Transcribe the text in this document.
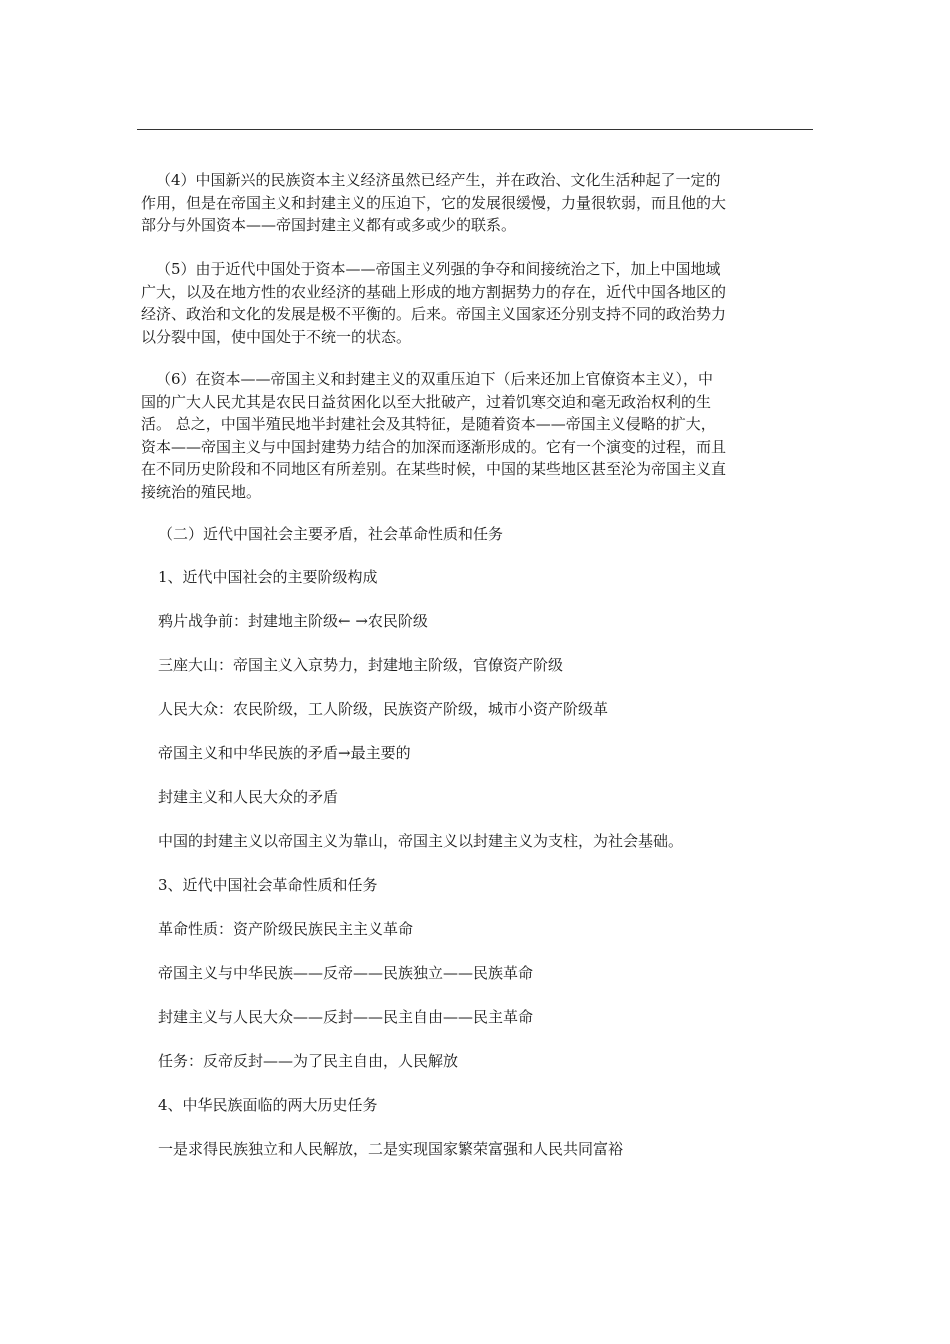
（4）中国新兴的民族资本主义经济虽然已经产生，并在政治、文化生活种起了一定的
作用，但是在帝国主义和封建主义的压迫下，它的发展很缓慢，力量很软弱，而且他的大
部分与外国资本——帝国封建主义都有或多或少的联系。
（5）由于近代中国处于资本——帝国主义列强的争夺和间接统治之下，加上中国地域
广大，以及在地方性的农业经济的基础上形成的地方割据势力的存在，近代中国各地区的
经济、政治和文化的发展是极不平衡的。后来。帝国主义国家还分别支持不同的政治势力
以分裂中国，使中国处于不统一的状态。
（6）在资本——帝国主义和封建主义的双重压迫下（后来还加上官僚资本主义），中
国的广大人民尤其是农民日益贫困化以至大批破产，过着饥寒交迫和毫无政治权利的生
活。 总之，中国半殖民地半封建社会及其特征，是随着资本——帝国主义侵略的扩大，
资本——帝国主义与中国封建势力结合的加深而逐渐形成的。它有一个演变的过程，而且
在不同历史阶段和不同地区有所差别。在某些时候，中国的某些地区甚至沦为帝国主义直
接统治的殖民地。

（二）近代中国社会主要矛盾，社会革命性质和任务

1、近代中国社会的主要阶级构成

鸦片战争前：封建地主阶级← →农民阶级

三座大山：帝国主义入京势力，封建地主阶级，官僚资产阶级

人民大众：农民阶级，工人阶级，民族资产阶级，城市小资产阶级革

帝国主义和中华民族的矛盾→最主要的

封建主义和人民大众的矛盾

中国的封建主义以帝国主义为靠山，帝国主义以封建主义为支柱，为社会基础。

3、近代中国社会革命性质和任务

革命性质：资产阶级民族民主主义革命

帝国主义与中华民族——反帝——民族独立——民族革命

封建主义与人民大众——反封——民主自由——民主革命

任务：反帝反封——为了民主自由，人民解放

4、中华民族面临的两大历史任务

一是求得民族独立和人民解放，二是实现国家繁荣富强和人民共同富裕
